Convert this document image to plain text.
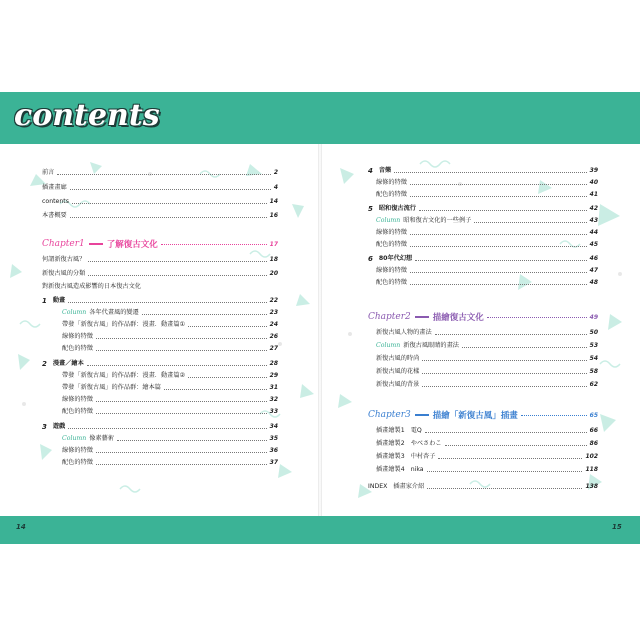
contents
前言	2
插畫畫廊	4
contents	14
本書概要	16
Chapter1	了解復古文化	17
何謂新復古風？	18
新復古風的分類	20
對新復古風造成影響的日本復古文化
1 動畫	22
Column 各年代畫風的變遷	23
帶發「新復古風」的作品群：漫畫．動畫篇①	24
線條的特徵	26
配色的特徵	27
2 漫畫／繪本	28
帶發「新復古風」的作品群：漫畫．動畫篇②	29
帶發「新復古風」的作品群：繪本篇	31
線條的特徵	32
配色的特徵	33
3 遊戲	34
Column 像素藝術	35
線條的特徵	36
配色的特徵	37
4 音樂	39
線條的特徵	40
配色的特徵	41
5 昭和復古流行	42
Column 昭和復古文化的一些例子	43
線條的特徵	44
配色的特徵	45
6 80年代幻想	46
線條的特徵	47
配色的特徵	48
Chapter2	描繪復古文化	49
新復古風人物的畫法	50
Column 新復古風眼睛的畫法	53
新復古風的時尚	54
新復古風的花樣	58
新復古風的背景	62
Chapter3	描繪「新復古風」插畫	65
插畫繪製1 電Q	66
插畫繪製2 やべさわこ	86
插畫繪製3 中村杏子	102
插畫繪製4 nika	118
INDEX 插畫家介紹	138
14	15
